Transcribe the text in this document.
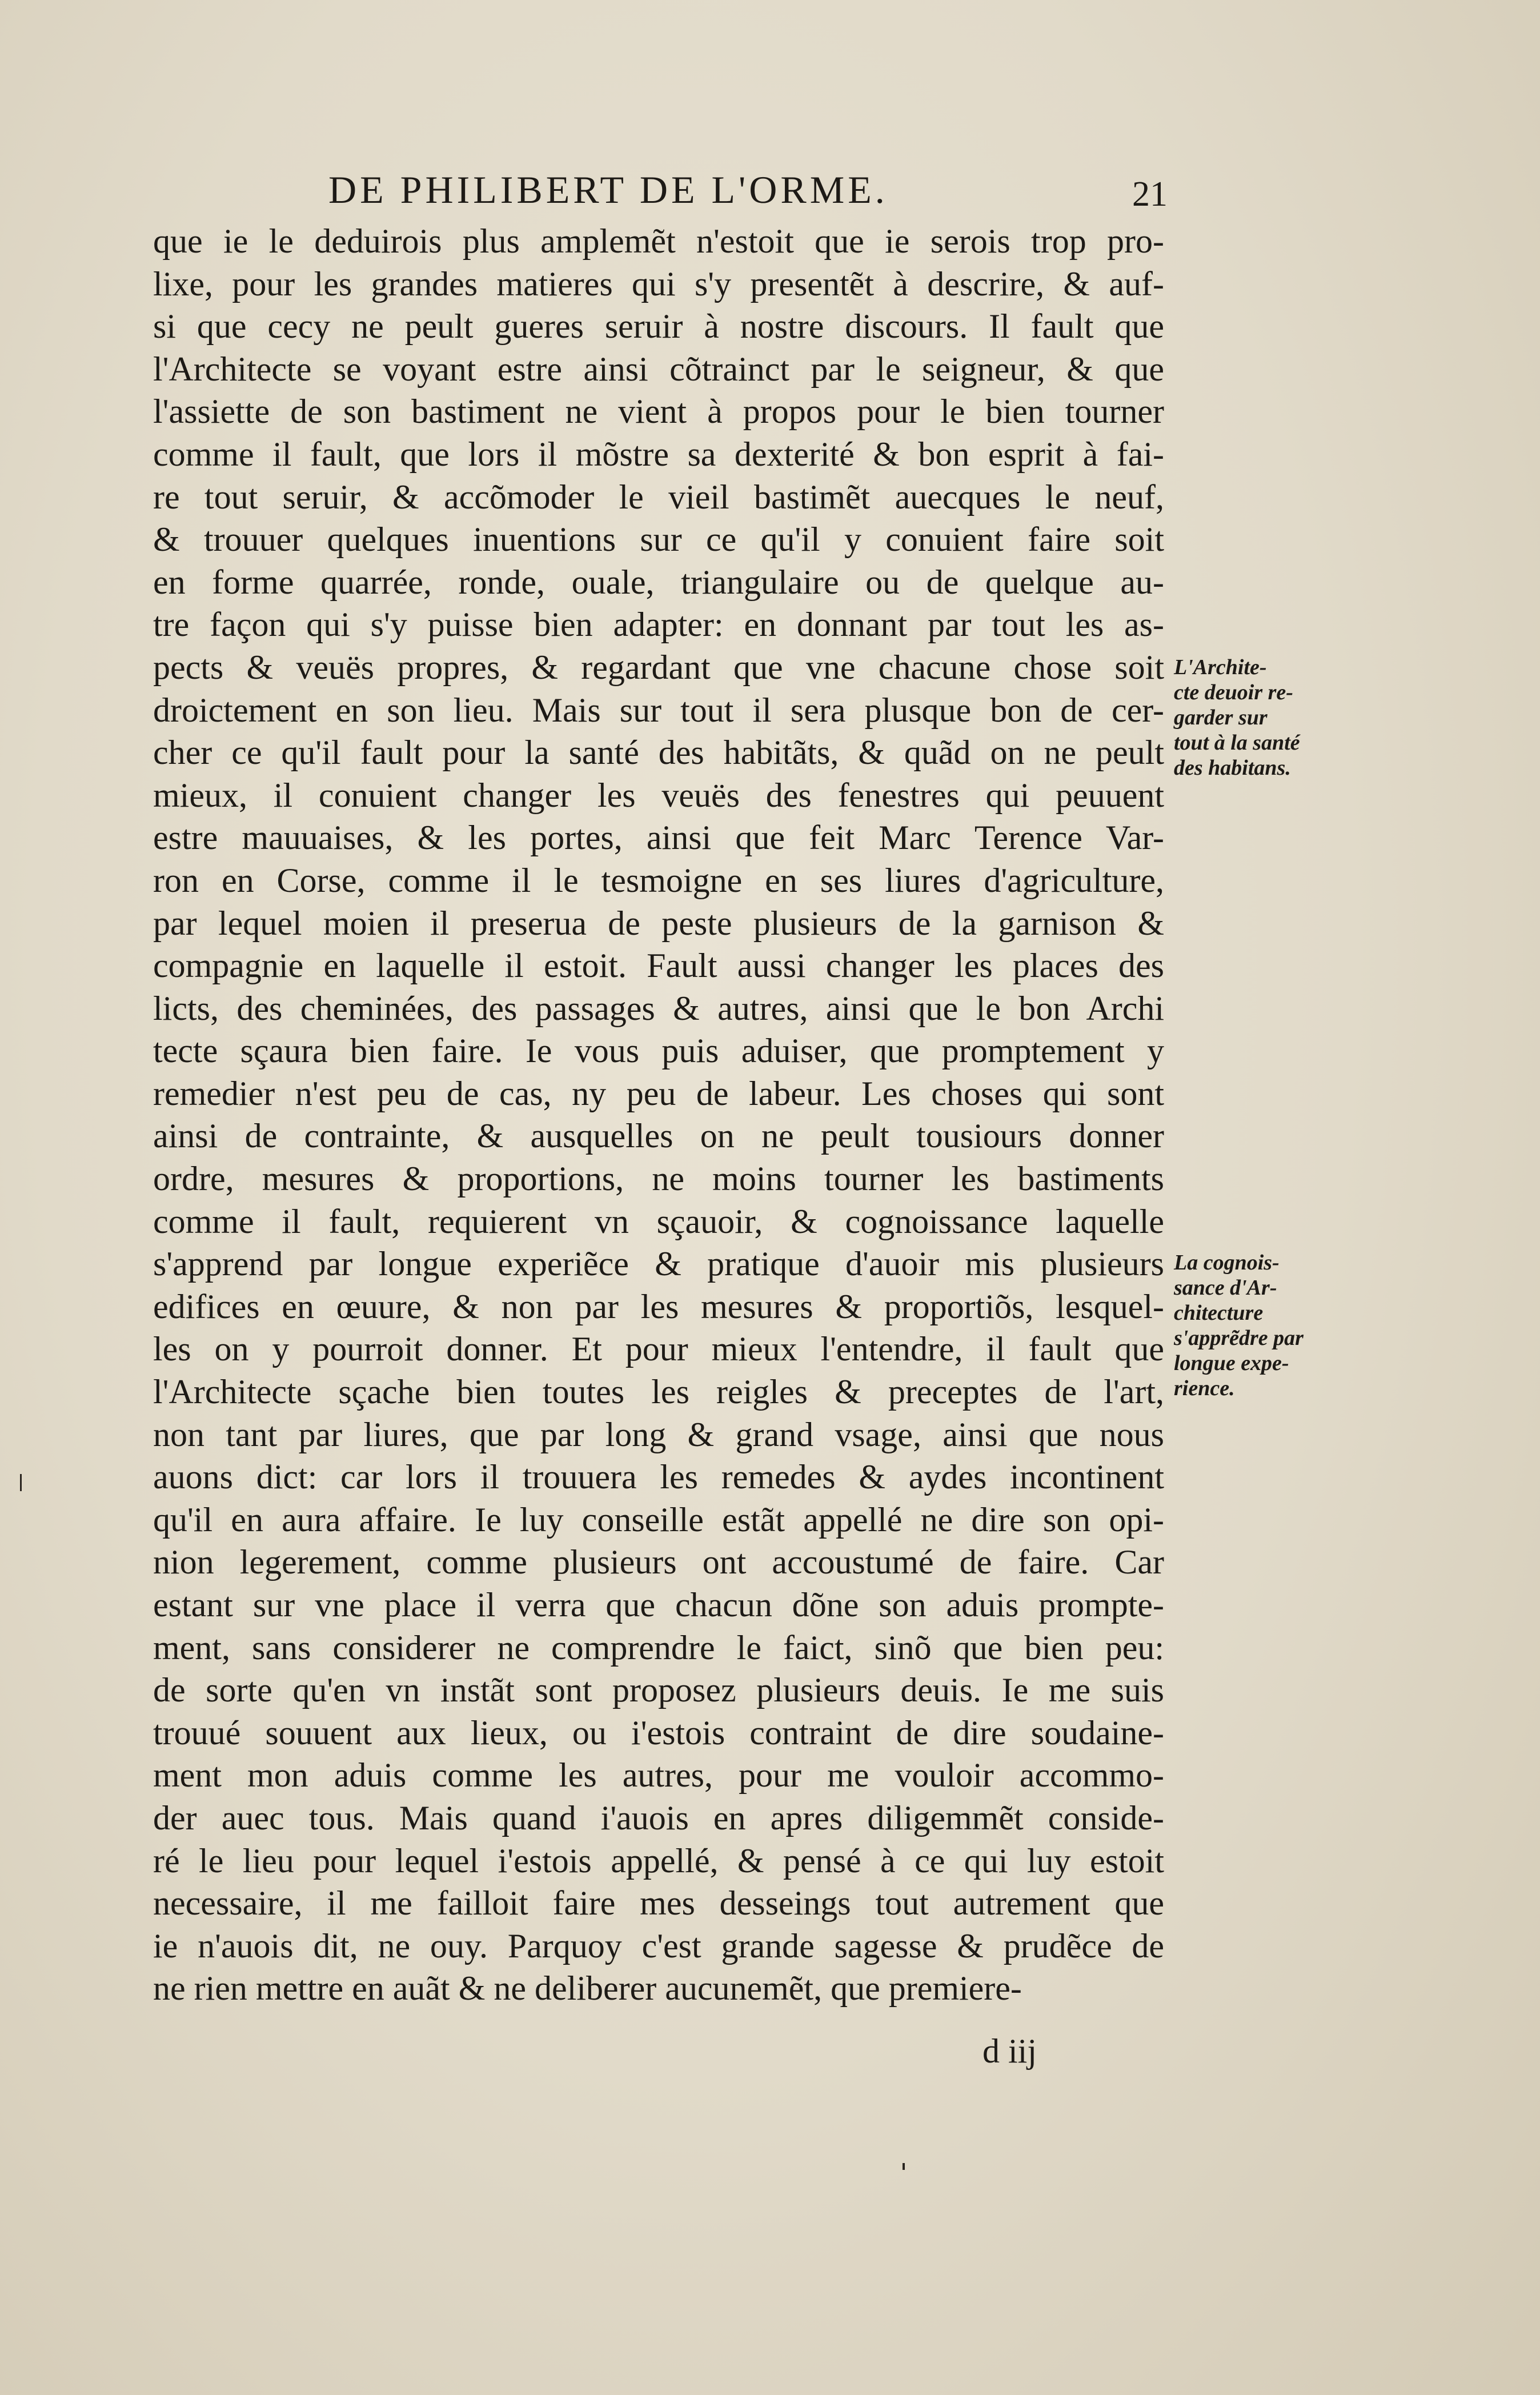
DE PHILIBERT DE L'ORME.	21
que ie le deduirois plus amplemẽt n'estoit que ie serois trop pro-
lixe, pour les grandes matieres qui s'y presentẽt à descrire, & auf-
si que cecy ne peult gueres seruir à nostre discours. Il fault que
l'Architecte se voyant estre ainsi cõtrainct par le seigneur, & que
l'assiette de son bastiment ne vient à propos pour le bien tourner
comme il fault, que lors il mõstre sa dexterité & bon esprit à fai-
re tout seruir, & accõmoder le vieil bastimẽt auecques le neuf,
& trouuer quelques inuentions sur ce qu'il y conuient faire soit
en forme quarrée, ronde, ouale, triangulaire ou de quelque au-
tre façon qui s'y puisse bien adapter: en donnant par tout les as-
pects & veuës propres, & regardant que vne chacune chose soit
droictement en son lieu. Mais sur tout il sera plusque bon de cer-
cher ce qu'il fault pour la santé des habitãts, & quãd on ne peult
mieux, il conuient changer les veuës des fenestres qui peuuent
estre mauuaises, & les portes, ainsi que feit Marc Terence Var-
ron en Corse, comme il le tesmoigne en ses liures d'agriculture,
par lequel moien il preserua de peste plusieurs de la garnison &
compagnie en laquelle il estoit. Fault aussi changer les places des
licts, des cheminées, des passages & autres, ainsi que le bon Archi
tecte sçaura bien faire. Ie vous puis aduiser, que promptement y
remedier n'est peu de cas, ny peu de labeur. Les choses qui sont
ainsi de contrainte, & ausquelles on ne peult tousiours donner
ordre, mesures & proportions, ne moins tourner les bastiments
comme il fault, requierent vn sçauoir, & cognoissance laquelle
s'apprend par longue experiẽce & pratique d'auoir mis plusieurs
edifices en œuure, & non par les mesures & proportiõs, lesquel-
les on y pourroit donner. Et pour mieux l'entendre, il fault que
l'Architecte sçache bien toutes les reigles & preceptes de l'art,
non tant par liures, que par long & grand vsage, ainsi que nous
auons dict: car lors il trouuera les remedes & aydes incontinent
qu'il en aura affaire. Ie luy conseille estãt appellé ne dire son opi-
nion legerement, comme plusieurs ont accoustumé de faire. Car
estant sur vne place il verra que chacun dõne son aduis prompte-
ment, sans considerer ne comprendre le faict, sinõ que bien peu:
de sorte qu'en vn instãt sont proposez plusieurs deuis. Ie me suis
trouué souuent aux lieux, ou i'estois contraint de dire soudaine-
ment mon aduis comme les autres, pour me vouloir accommo-
der auec tous. Mais quand i'auois en apres diligemmẽt conside-
ré le lieu pour lequel i'estois appellé, & pensé à ce qui luy estoit
necessaire, il me failloit faire mes desseings tout autrement que
ie n'auois dit, ne ouy. Parquoy c'est grande sagesse & prudẽce de
ne rien mettre en auãt & ne deliberer aucunemẽt, que premiere-
L'Archite-
cte deuoir re-
garder sur
tout à la santé
des habitans.
La cognois-
sance d'Ar-
chitecture
s'apprẽdre par
longue expe-
rience.
d iij
